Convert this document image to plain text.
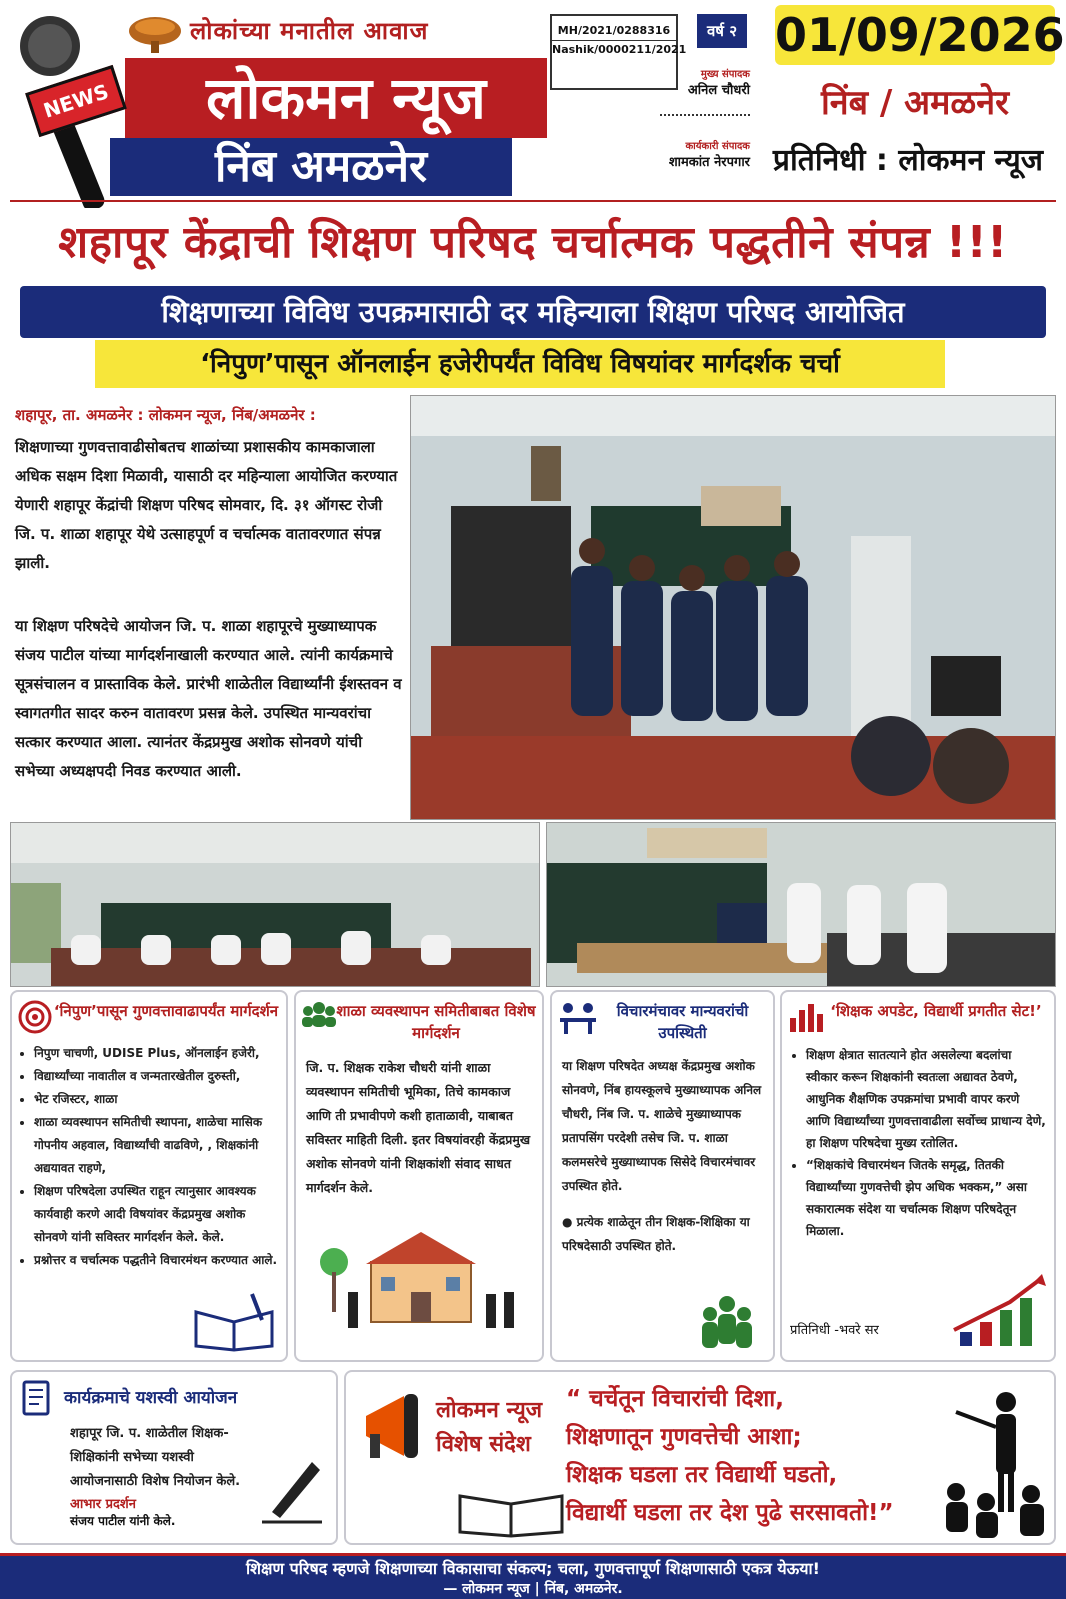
लोकांच्या मनातील आवाज
लोकमन न्यूज
निंब अमळनेर
NEWS
MH/2021/0288316
Nashik/0000211/2021
वर्ष २
मुख्य संपादक
अनिल चौधरी
कार्यकारी संपादक
शामकांत नेरपगार
01/09/2026
निंब / अमळनेर
प्रतिनिधी : लोकमन न्यूज
शहापूर केंद्राची शिक्षण परिषद चर्चात्मक पद्धतीने संपन्न !!!
शिक्षणाच्या विविध उपक्रमासाठी दर महिन्याला शिक्षण परिषद आयोजित
‘निपुण’पासून ऑनलाईन हजेरीपर्यंत विविध विषयांवर मार्गदर्शक चर्चा
शहापूर, ता. अमळनेर : लोकमन न्यूज, निंब/अमळनेर :
शिक्षणाच्या गुणवत्तावाढीसोबतच शाळांच्या प्रशासकीय कामकाजाला अधिक सक्षम दिशा मिळावी, यासाठी दर महिन्याला आयोजित करण्यात येणारी शहापूर केंद्रांची शिक्षण परिषद सोमवार, दि. ३१ ऑगस्ट रोजी जि. प. शाळा शहापूर येथे उत्साहपूर्ण व चर्चात्मक वातावरणात संपन्न झाली.
या शिक्षण परिषदेचे आयोजन जि. प. शाळा शहापूरचे मुख्याध्यापक संजय पाटील यांच्या मार्गदर्शनाखाली करण्यात आले. त्यांनी कार्यक्रमाचे सूत्रसंचालन व प्रास्ताविक केले. प्रारंभी शाळेतील विद्यार्थ्यांनी ईशस्तवन व स्वागतगीत सादर करुन वातावरण प्रसन्न केले. उपस्थित मान्यवरांचा सत्कार करण्यात आला. त्यानंतर केंद्रप्रमुख अशोक सोनवणे यांची सभेच्या अध्यक्षपदी निवड करण्यात आली.
‘निपुण’पासून गुणवत्तावाढापर्यंत मार्गदर्शन
• निपुण चाचणी, UDISE Plus, ऑनलाईन हजेरी,
• विद्यार्थ्यांच्या नावातील व जन्मतारखेतील दुरुस्ती,
• भेट रजिस्टर, शाळा
• शाळा व्यवस्थापन समितीची स्थापना, शाळेचा मासिक गोपनीय अहवाल, विद्यार्थ्यांची वाढविणे, , शिक्षकांनी अद्ययावत राहणे,
• शिक्षण परिषदेला उपस्थित राहून त्यानुसार आवश्यक कार्यवाही करणे आदी विषयांवर केंद्रप्रमुख अशोक सोनवणे यांनी सविस्तर मार्गदर्शन केले. केले.
• प्रश्नोत्तर व चर्चात्मक पद्धतीने विचारमंथन करण्यात आले.
शाळा व्यवस्थापन समितीबाबत विशेष मार्गदर्शन
जि. प. शिक्षक राकेश चौधरी यांनी शाळा व्यवस्थापन समितीची भूमिका, तिचे कामकाज आणि ती प्रभावीपणे कशी हाताळावी, याबाबत सविस्तर माहिती दिली. इतर विषयांवरही केंद्रप्रमुख अशोक सोनवणे यांनी शिक्षकांशी संवाद साधत मार्गदर्शन केले.
विचारमंचावर मान्यवरांची उपस्थिती
या शिक्षण परिषदेत अध्यक्ष केंद्रप्रमुख अशोक सोनवणे, निंब हायस्कूलचे मुख्याध्यापक अनिल चौधरी, निंब जि. प. शाळेचे मुख्याध्यापक प्रतापसिंग परदेशी तसेच जि. प. शाळा कलमसरेचे मुख्याध्यापक सिसेदे विचारमंचावर उपस्थित होते.
● प्रत्येक शाळेतून तीन शिक्षक-शिक्षिका या परिषदेसाठी उपस्थित होते.
‘शिक्षक अपडेट, विद्यार्थी प्रगतीत सेट!’
• शिक्षण क्षेत्रात सातत्याने होत असलेल्या बदलांचा स्वीकार करून शिक्षकांनी स्वतःला अद्यावत ठेवणे, आधुनिक शैक्षणिक उपक्रमांचा प्रभावी वापर करणे आणि विद्यार्थ्यांच्या गुणवत्तावाढीला सर्वोच्च प्राधान्य देणे, हा शिक्षण परिषदेचा मुख्य रतोलित.
• “शिक्षकांचे विचारमंथन जितके समृद्ध, तितकी विद्यार्थ्यांच्या गुणवत्तेची झेप अधिक भक्कम,” असा सकारात्मक संदेश या चर्चात्मक शिक्षण परिषदेतून मिळाला.
प्रतिनिधी -भवरे सर
कार्यक्रमाचे यशस्वी आयोजन
शहापूर जि. प. शाळेतील शिक्षक-शिक्षिकांनी सभेच्या यशस्वी आयोजनासाठी विशेष नियोजन केले.
आभार प्रदर्शन
संजय पाटील यांनी केले.
लोकमन न्यूज
विशेष संदेश
“ चर्चेतून विचारांची दिशा,
शिक्षणातून गुणवत्तेची आशा;
शिक्षक घडला तर विद्यार्थी घडतो,
विद्यार्थी घडला तर देश पुढे सरसावतो!”
शिक्षण परिषद म्हणजे शिक्षणाच्या विकासाचा संकल्प; चला, गुणवत्तापूर्ण शिक्षणासाठी एकत्र येऊया!
— लोकमन न्यूज | निंब, अमळनेर.
